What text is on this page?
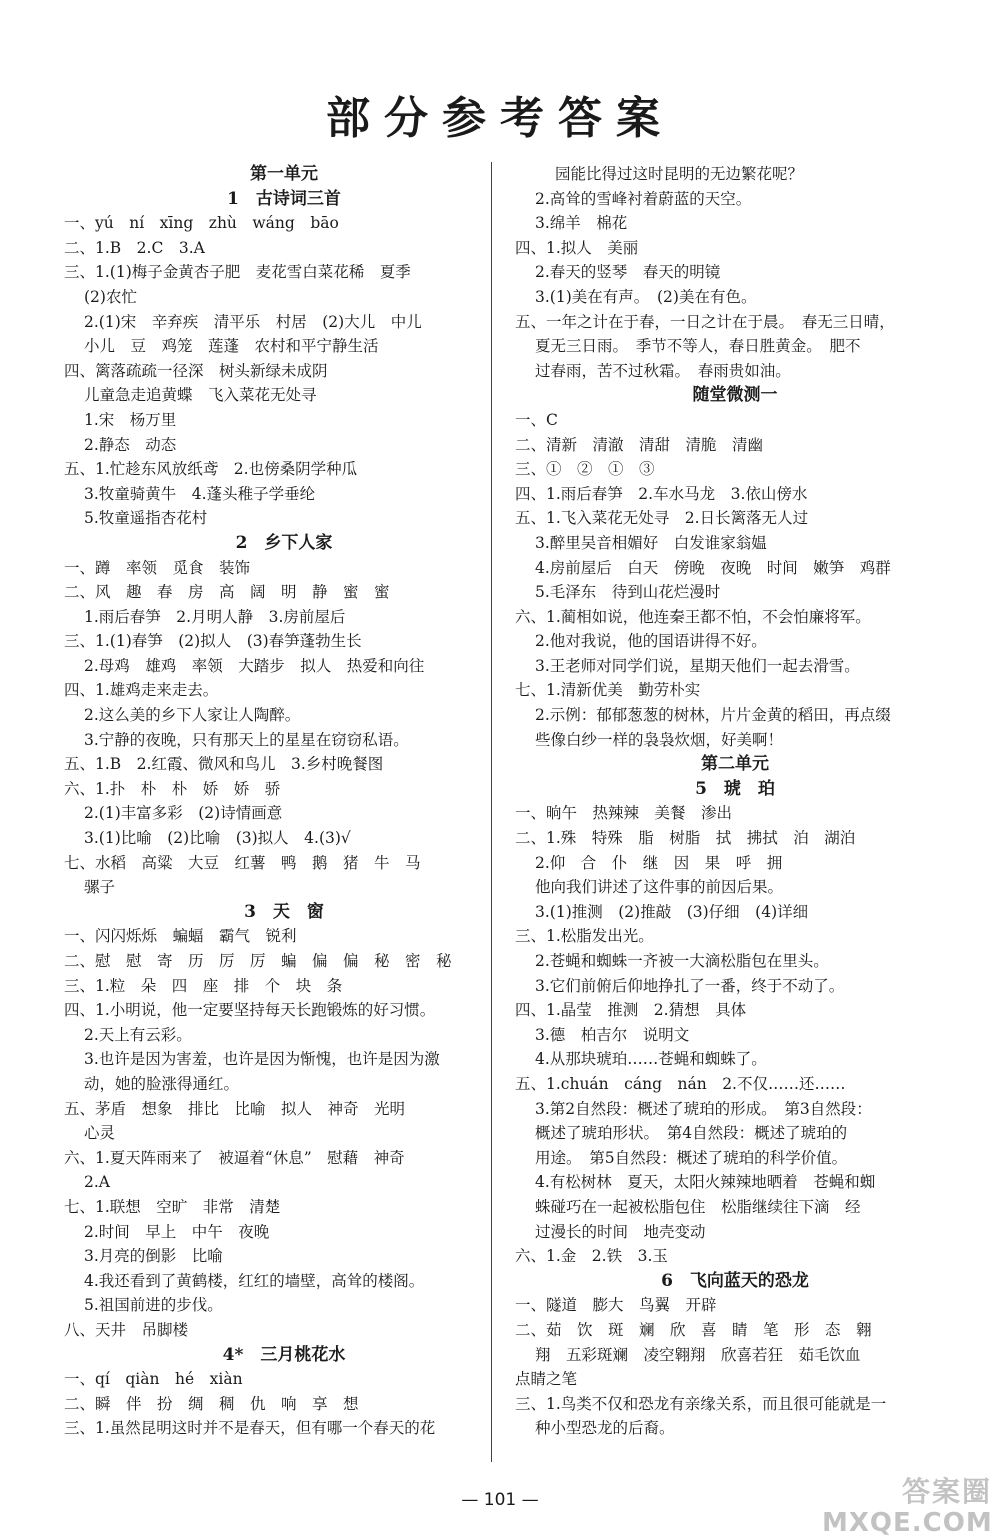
部分参考答案
第一单元
1　古诗词三首
一、yú　ní　xīng　zhù　wáng　bāo
二、1.B　2.C　3.A
三、1.(1)梅子金黄杏子肥　麦花雪白菜花稀　夏季
(2)农忙
2.(1)宋　辛弃疾　清平乐　村居　(2)大儿　中儿
小儿　豆　鸡笼　莲蓬　农村和平宁静生活
四、篱落疏疏一径深　树头新绿未成阴
儿童急走追黄蝶　飞入菜花无处寻
1.宋　杨万里
2.静态　动态
五、1.忙趁东风放纸鸢　2.也傍桑阴学种瓜
3.牧童骑黄牛　4.蓬头稚子学垂纶
5.牧童遥指杏花村
2　乡下人家
一、蹲　率领　觅食　装饰
二、风　趣　春　房　高　阔　明　静　蜜　蜜
1.雨后春笋　2.月明人静　3.房前屋后
三、1.(1)春笋　(2)拟人　(3)春笋蓬勃生长
2.母鸡　雄鸡　率领　大踏步　拟人　热爱和向往
四、1.雄鸡走来走去。
2.这么美的乡下人家让人陶醉。
3.宁静的夜晚，只有那天上的星星在窃窃私语。
五、1.B　2.红霞、微风和鸟儿　3.乡村晚餐图
六、1.扑　朴　朴　娇　娇　骄
2.(1)丰富多彩　(2)诗情画意
3.(1)比喻　(2)比喻　(3)拟人　4.(3)√
七、水稻　高粱　大豆　红薯　鸭　鹅　猪　牛　马
骡子
3　天　窗
一、闪闪烁烁　蝙蝠　霸气　锐利
二、慰　慰　寄　历　厉　厉　蝙　偏　偏　秘　密　秘
三、1.粒　朵　四　座　排　个　块　条
四、1.小明说，他一定要坚持每天长跑锻炼的好习惯。
2.天上有云彩。
3.也许是因为害羞，也许是因为惭愧，也许是因为激
动，她的脸涨得通红。
五、茅盾　想象　排比　比喻　拟人　神奇　光明
心灵
六、1.夏天阵雨来了　被逼着“休息”　慰藉　神奇
2.A
七、1.联想　空旷　非常　清楚
2.时间　早上　中午　夜晚
3.月亮的倒影　比喻
4.我还看到了黄鹤楼，红红的墙壁，高耸的楼阁。
5.祖国前进的步伐。
八、天井　吊脚楼
4*　三月桃花水
一、qí　qiàn　hé　xiàn
二、瞬　伴　扮　绸　稠　仇　响　享　想
三、1.虽然昆明这时并不是春天，但有哪一个春天的花
园能比得过这时昆明的无边繁花呢？
2.高耸的雪峰衬着蔚蓝的天空。
3.绵羊　棉花
四、1.拟人　美丽
2.春天的竖琴　春天的明镜
3.(1)美在有声。　(2)美在有色。
五、一年之计在于春，一日之计在于晨。　春无三日晴，
夏无三日雨。　季节不等人，春日胜黄金。　肥不
过春雨，苦不过秋霜。　春雨贵如油。
随堂微测一
一、C
二、清新　清澈　清甜　清脆　清幽
三、①　②　①　③
四、1.雨后春笋　2.车水马龙　3.依山傍水
五、1.飞入菜花无处寻　2.日长篱落无人过
3.醉里吴音相媚好　白发谁家翁媪
4.房前屋后　白天　傍晚　夜晚　时间　嫩笋　鸡群
5.毛泽东　待到山花烂漫时
六、1.蔺相如说，他连秦王都不怕，不会怕廉将军。
2.他对我说，他的国语讲得不好。
3.王老师对同学们说，星期天他们一起去滑雪。
七、1.清新优美　勤劳朴实
2.示例：郁郁葱葱的树林，片片金黄的稻田，再点缀
些像白纱一样的袅袅炊烟，好美啊！
第二单元
5　琥　珀
一、晌午　热辣辣　美餐　渗出
二、1.殊　特殊　脂　树脂　拭　拂拭　泊　湖泊
2.仰　合　仆　继　因　果　呼　拥
他向我们讲述了这件事的前因后果。
3.(1)推测　(2)推敲　(3)仔细　(4)详细
三、1.松脂发出光。
2.苍蝇和蜘蛛一齐被一大滴松脂包在里头。
3.它们前俯后仰地挣扎了一番，终于不动了。
四、1.晶莹　推测　2.猜想　具体
3.德　柏吉尔　说明文
4.从那块琥珀……苍蝇和蜘蛛了。
五、1.chuán　cáng　nán　2.不仅……还……
3.第2自然段：概述了琥珀的形成。　第3自然段：
概述了琥珀形状。　第4自然段：概述了琥珀的
用途。　第5自然段：概述了琥珀的科学价值。
4.有松树林　夏天，太阳火辣辣地晒着　苍蝇和蜘
蛛碰巧在一起被松脂包住　松脂继续往下滴　经
过漫长的时间　地壳变动
六、1.金　2.铁　3.玉
6　飞向蓝天的恐龙
一、隧道　膨大　鸟翼　开辟
二、茹　饮　斑　斓　欣　喜　睛　笔　形　态　翱
翔　五彩斑斓　凌空翱翔　欣喜若狂　茹毛饮血
点睛之笔
三、1.鸟类不仅和恐龙有亲缘关系，而且很可能就是一
种小型恐龙的后裔。
— 101 —	答案圈
MXQE.COM
